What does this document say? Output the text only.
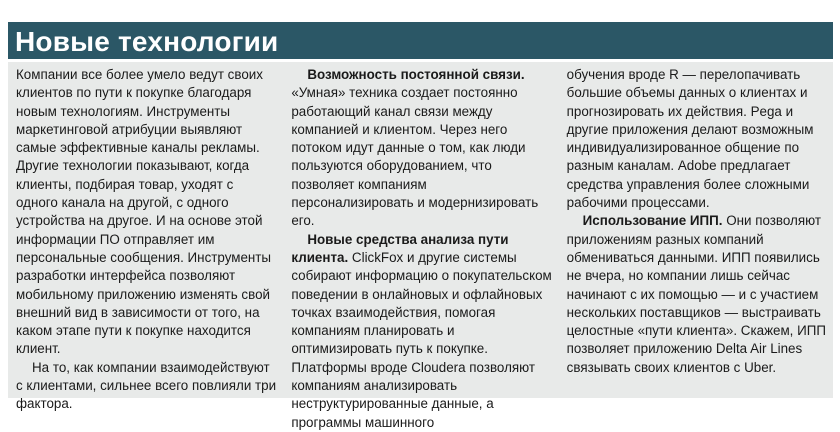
Новые технологии

Компании все более умело ведут своих клиентов по пути к покупке благодаря новым технологиям. Инструменты маркетинговой атрибуции выявляют самые эффективные каналы рекламы. Другие технологии показывают, когда клиенты, подбирая товар, уходят с одного канала на другой, с одного устройства на другое. И на основе этой информации ПО отправляет им персональные сообщения. Инструменты разработки интерфейса позволяют мобильному приложению изменять свой внешний вид в зависимости от того, на каком этапе пути к покупке находится клиент.

На то, как компании взаимодействуют с клиентами, сильнее всего повлияли три фактора.

Возможность постоянной связи.
«Умная» техника создает постоянно работающий канал связи между компанией и клиентом. Через него потоком идут данные о том, как люди пользуются оборудованием, что позволяет компаниям персонализировать и модернизировать его.

Новые средства анализа пути клиента. ClickFox и другие системы собирают информацию о покупательском поведении в онлайновых и офлайновых точках взаимодействия, помогая компаниям планировать и оптимизировать путь к покупке. Платформы вроде Cloudera позволяют компаниям анализировать неструктурированные данные, а программы машинного

обучения вроде R — перелопачивать большие объемы данных о клиентах и прогнозировать их действия. Pega и другие приложения делают возможным индивидуализированное общение по разным каналам. Adobe предлагает средства управления более сложными рабочими процессами.

Использование ИПП. Они позволяют приложениям разных компаний обмениваться данными. ИПП появились не вчера, но компании лишь сейчас начинают с их помощью — и с участием нескольких поставщиков — выстраивать целостные «пути клиента». Скажем, ИПП позволяет приложению Delta Air Lines связывать своих клиентов с Uber.
